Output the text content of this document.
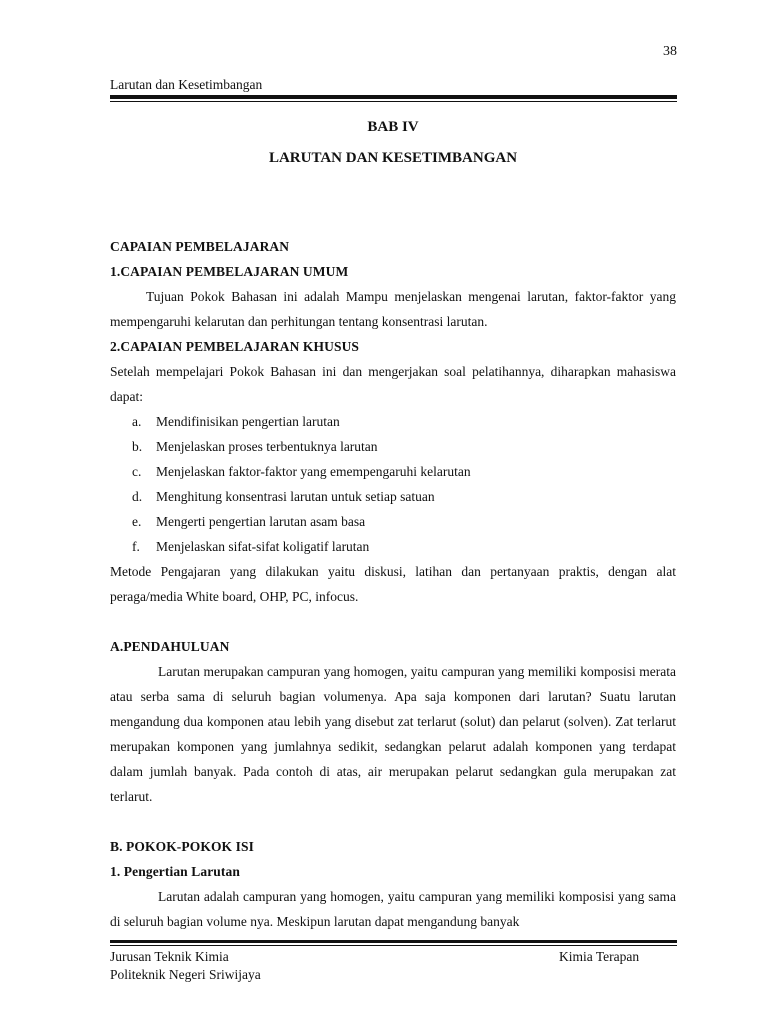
38
Larutan dan Kesetimbangan

BAB IV

LARUTAN DAN KESETIMBANGAN

CAPAIAN PEMBELAJARAN

1.CAPAIAN PEMBELAJARAN UMUM

Tujuan Pokok Bahasan ini adalah Mampu menjelaskan mengenai larutan, faktor-faktor yang mempengaruhi kelarutan dan perhitungan tentang konsentrasi larutan.

2.CAPAIAN PEMBELAJARAN KHUSUS

Setelah mempelajari Pokok Bahasan ini dan mengerjakan soal pelatihannya, diharapkan mahasiswa dapat:

a. Mendifinisikan pengertian larutan
b. Menjelaskan proses terbentuknya larutan
c. Menjelaskan faktor-faktor yang emempengaruhi kelarutan
d. Menghitung konsentrasi larutan untuk setiap satuan
e. Mengerti pengertian larutan asam basa
f. Menjelaskan sifat-sifat koligatif larutan

Metode Pengajaran yang dilakukan yaitu diskusi, latihan dan pertanyaan praktis, dengan alat peraga/media White board, OHP, PC, infocus.

A.PENDAHULUAN

Larutan merupakan campuran yang homogen, yaitu campuran yang memiliki komposisi merata atau serba sama di seluruh bagian volumenya. Apa saja komponen dari larutan? Suatu larutan mengandung dua komponen atau lebih yang disebut zat terlarut (solut) dan pelarut (solven). Zat terlarut merupakan komponen yang jumlahnya sedikit, sedangkan pelarut adalah komponen yang terdapat dalam jumlah banyak. Pada contoh di atas, air merupakan pelarut sedangkan gula merupakan zat terlarut.

B. POKOK-POKOK ISI

1. Pengertian Larutan

Larutan adalah campuran yang homogen, yaitu campuran yang memiliki komposisi yang sama di seluruh bagian volume nya. Meskipun larutan dapat mengandung banyak

Jurusan Teknik Kimia
Politeknik Negeri Sriwijaya
Kimia Terapan
